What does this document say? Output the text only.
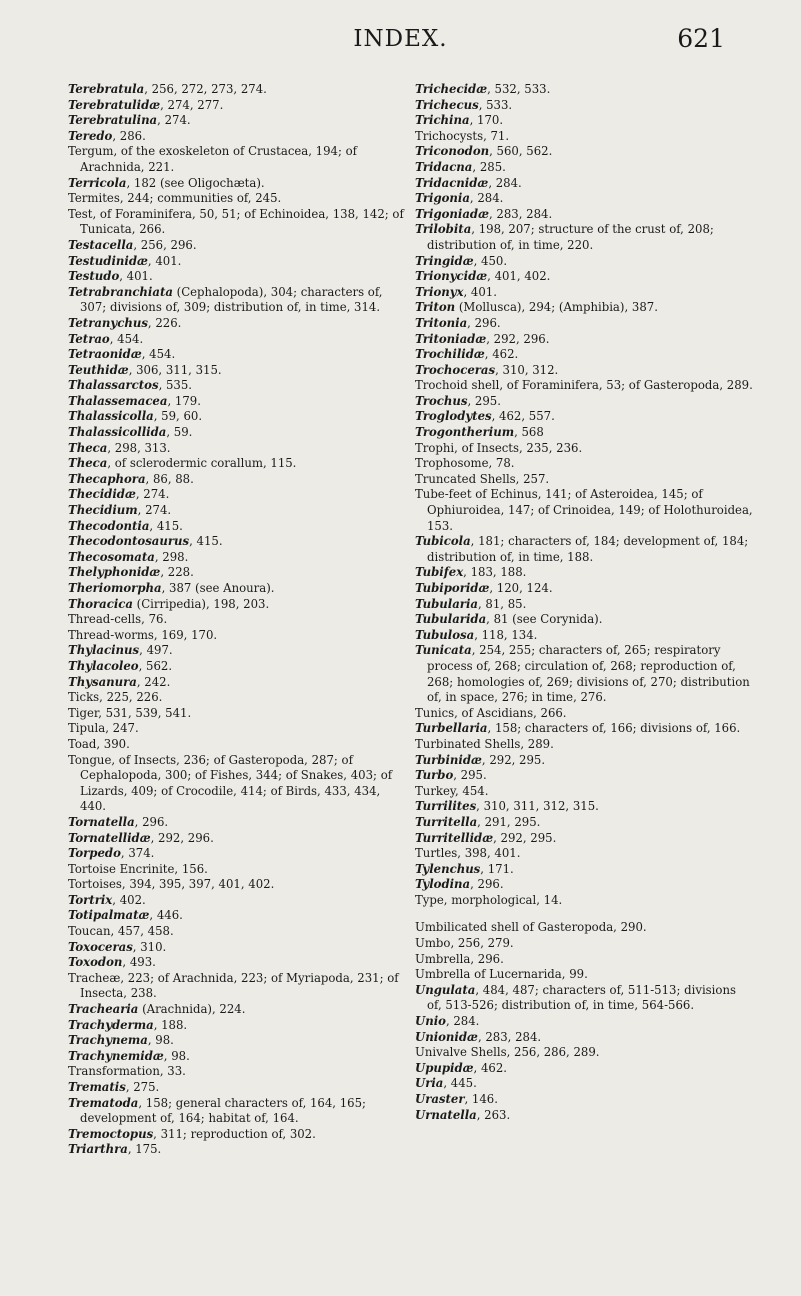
INDEX.	621

Terebratula, 256, 272, 273, 274.

Terebratulidæ, 274, 277.

Terebratulina, 274.

Teredo, 286.

Tergum, of the exoskeleton of Crustacea, 194; of Arachnida, 221.

Terricola, 182 (see Oligochæta).

Termites, 244; communities of, 245.

Test, of Foraminifera, 50, 51; of Echinoidea, 138, 142; of Tunicata, 266.

Testacella, 256, 296.

Testudinidæ, 401.

Testudo, 401.

Tetrabranchiata (Cephalopoda), 304; characters of, 307; divisions of, 309; distribution of, in time, 314.

Tetranychus, 226.

Tetrao, 454.

Tetraonidæ, 454.

Teuthidæ, 306, 311, 315.

Thalassarctos, 535.

Thalassemacea, 179.

Thalassicolla, 59, 60.

Thalassicollida, 59.

Theca, 298, 313.

Theca, of sclerodermic corallum, 115.

Thecaphora, 86, 88.

Thecididæ, 274.

Thecidium, 274.

Thecodontia, 415.

Thecodontosaurus, 415.

Thecosomata, 298.

Thelyphonidæ, 228.

Theriomorpha, 387 (see Anoura).

Thoracica (Cirripedia), 198, 203.

Thread-cells, 76.

Thread-worms, 169, 170.

Thylacinus, 497.

Thylacoleo, 562.

Thysanura, 242.

Ticks, 225, 226.

Tiger, 531, 539, 541.

Tipula, 247.

Toad, 390.

Tongue, of Insects, 236; of Gasteropoda, 287; of Cephalopoda, 300; of Fishes, 344; of Snakes, 403; of Lizards, 409; of Crocodile, 414; of Birds, 433, 434, 440.

Tornatella, 296.

Tornatellidæ, 292, 296.

Torpedo, 374.

Tortoise Encrinite, 156.

Tortoises, 394, 395, 397, 401, 402.

Tortrix, 402.

Totipalmatæ, 446.

Toucan, 457, 458.

Toxoceras, 310.

Toxodon, 493.

Tracheæ, 223; of Arachnida, 223; of Myriapoda, 231; of Insecta, 238.

Trachearia (Arachnida), 224.

Trachyderma, 188.

Trachynema, 98.

Trachynemidæ, 98.

Transformation, 33.

Trematis, 275.

Trematoda, 158; general characters of, 164, 165; development of, 164; habitat of, 164.

Tremoctopus, 311; reproduction of, 302.

Triarthra, 175.

Trichecidæ, 532, 533.

Trichecus, 533.

Trichina, 170.

Trichocysts, 71.

Triconodon, 560, 562.

Tridacna, 285.

Tridacnidæ, 284.

Trigonia, 284.

Trigoniadæ, 283, 284.

Trilobita, 198, 207; structure of the crust of, 208; distribution of, in time, 220.

Tringidæ, 450.

Trionycidæ, 401, 402.

Trionyx, 401.

Triton (Mollusca), 294; (Amphibia), 387.

Tritonia, 296.

Tritoniadæ, 292, 296.

Trochilidæ, 462.

Trochoceras, 310, 312.

Trochoid shell, of Foraminifera, 53; of Gasteropoda, 289.

Trochus, 295.

Troglodytes, 462, 557.

Trogontherium, 568

Trophi, of Insects, 235, 236.

Trophosome, 78.

Truncated Shells, 257.

Tube-feet of Echinus, 141; of Asteroidea, 145; of Ophiuroidea, 147; of Crinoidea, 149; of Holothuroidea, 153.

Tubicola, 181; characters of, 184; development of, 184; distribution of, in time, 188.

Tubifex, 183, 188.

Tubiporidæ, 120, 124.

Tubularia, 81, 85.

Tubularida, 81 (see Corynida).

Tubulosa, 118, 134.

Tunicata, 254, 255; characters of, 265; respiratory process of, 268; circulation of, 268; reproduction of, 268; homologies of, 269; divisions of, 270; distribution of, in space, 276; in time, 276.

Tunics, of Ascidians, 266.

Turbellaria, 158; characters of, 166; divisions of, 166.

Turbinated Shells, 289.

Turbinidæ, 292, 295.

Turbo, 295.

Turkey, 454.

Turrilites, 310, 311, 312, 315.

Turritella, 291, 295.

Turritellidæ, 292, 295.

Turtles, 398, 401.

Tylenchus, 171.

Tylodina, 296.

Type, morphological, 14.

Umbilicated shell of Gasteropoda, 290.

Umbo, 256, 279.

Umbrella, 296.

Umbrella of Lucernarida, 99.

Ungulata, 484, 487; characters of, 511-513; divisions of, 513-526; distribution of, in time, 564-566.

Unio, 284.

Unionidæ, 283, 284.

Univalve Shells, 256, 286, 289.

Upupidæ, 462.

Uria, 445.

Uraster, 146.

Urnatella, 263.
